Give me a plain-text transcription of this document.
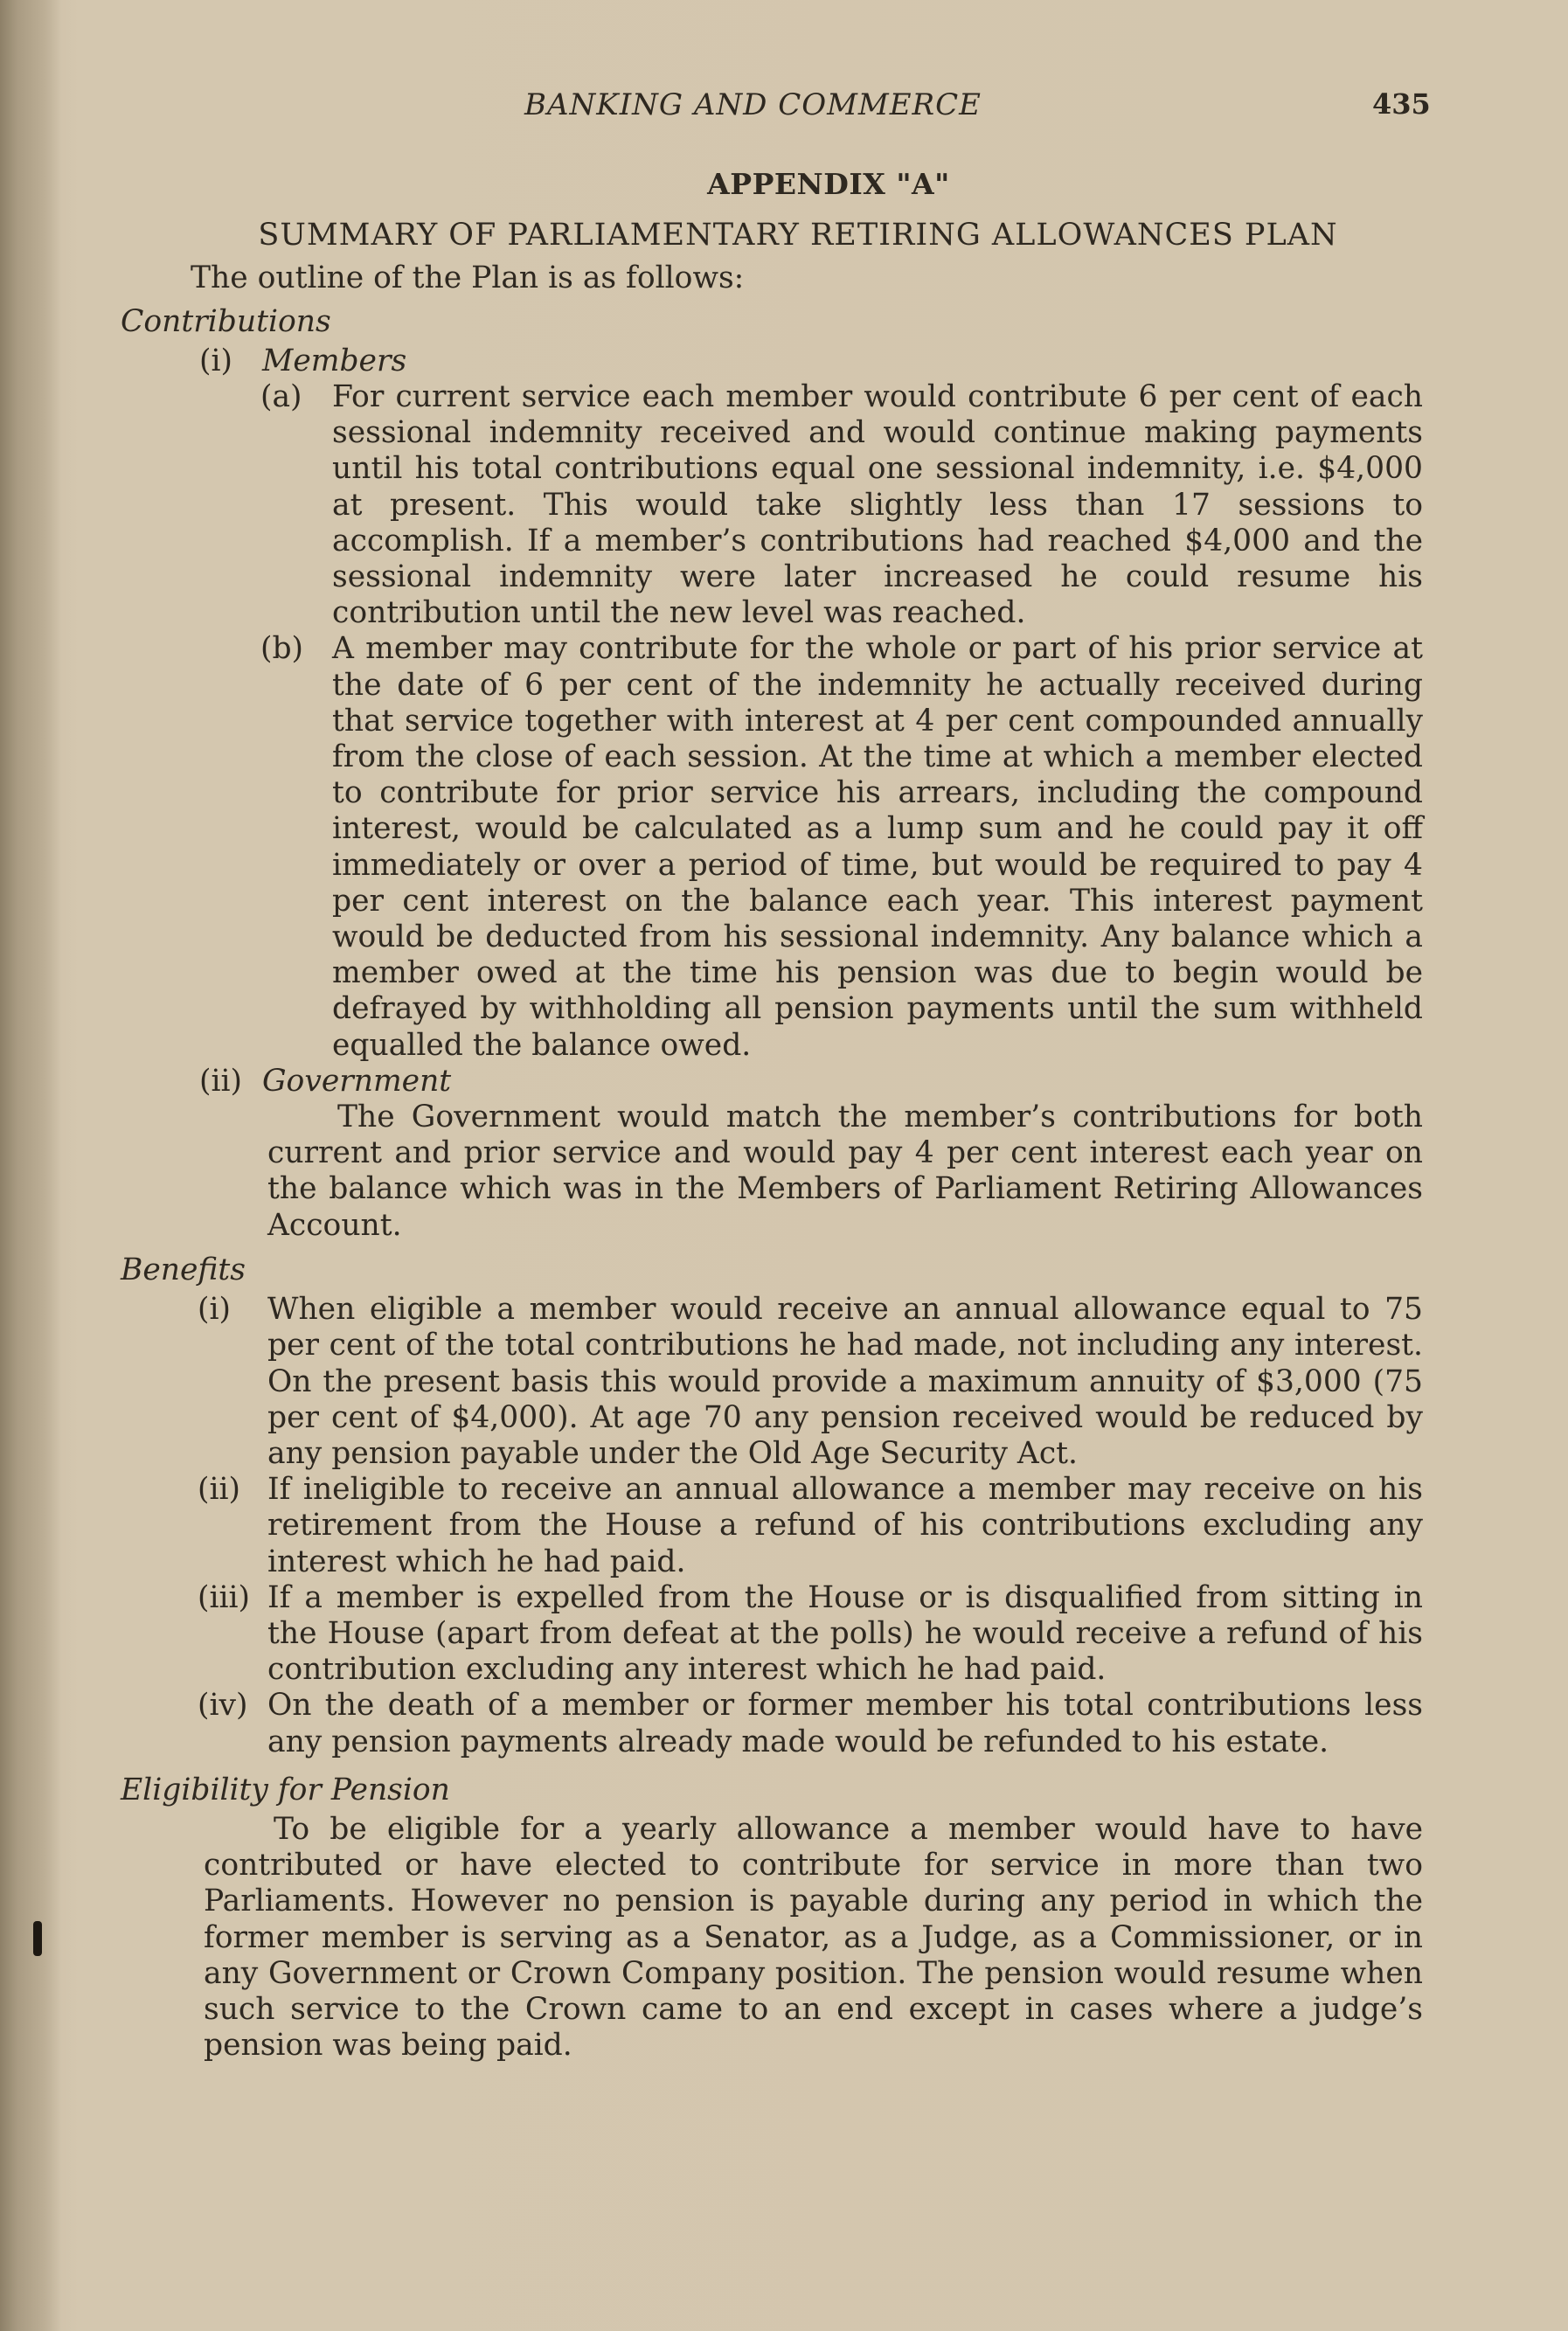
BANKING AND COMMERCE	435

APPENDIX "A"

SUMMARY OF PARLIAMENTARY RETIRING ALLOWANCES PLAN

The outline of the Plan is as follows:

Contributions

(i) Members

(a)	For current service each member would contribute 6 per cent of each sessional indemnity received and would continue making payments until his total contributions equal one sessional indemnity, i.e. $4,000 at present. This would take slightly less than 17 sessions to accomplish. If a member’s contributions had reached $4,000 and the sessional indemnity were later increased he could resume his contribution until the new level was reached.
(b) A member may contribute for the whole or part of his prior service at the date of 6 per cent of the indemnity he actually received during that service together with interest at 4 per cent compounded annually from the close of each session. At the time at which a member elected to contribute for prior service his arrears, including the compound interest, would be calculated as a lump sum and he could pay it off immediately or over a period of time, but would be required to pay 4 per cent interest on the balance each year. This interest payment would be deducted from his sessional indemnity. Any balance which a member owed at the time his pension was due to begin would be defrayed by withholding all pension payments until the sum withheld equalled the balance owed.

(ii) Government

The Government would match the member’s contributions for both current and prior service and would pay 4 per cent interest each year on the balance which was in the Members of Parliament Retiring Allowances Account.

Benefits

(i)	When eligible a member would receive an annual allowance equal to 75 per cent of the total contributions he had made, not including any interest. On the present basis this would provide a maximum annuity of $3,000 (75 per cent of $4,000). At age 70 any pension received would be reduced by any pension payable under the Old Age Security Act.
(ii) If ineligible to receive an annual allowance a member may receive on his retirement from the House a refund of his contributions excluding any interest which he had paid.
(iii) If a member is expelled from the House or is disqualified from sitting in the House (apart from defeat at the polls) he would receive a refund of his contribution excluding any interest which he had paid.
(iv) On the death of a member or former member his total contributions less any pension payments already made would be refunded to his estate.

Eligibility for Pension

To be eligible for a yearly allowance a member would have to have contributed or have elected to contribute for service in more than two Parliaments. However no pension is payable during any period in which the former member is serving as a Senator, as a Judge, as a Commissioner, or in any Government or Crown Company position. The pension would resume when such service to the Crown came to an end except in cases where a judge’s pension was being paid.
